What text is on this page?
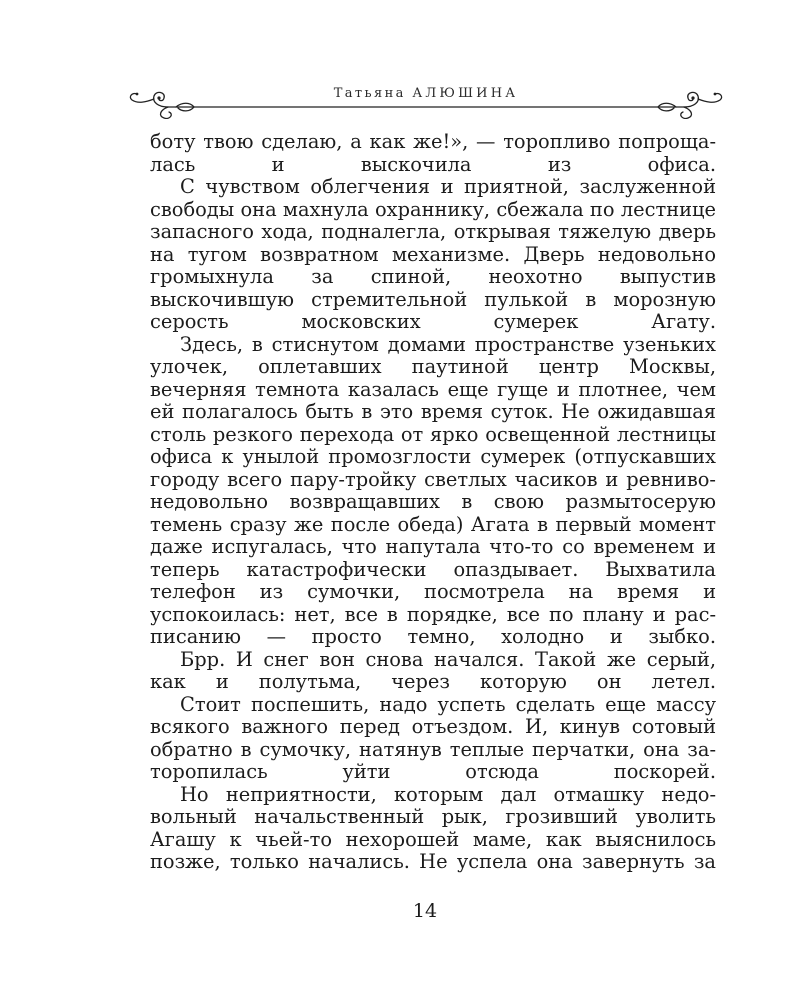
Татьяна АЛЮШИНА

боту твою сделаю, а как же!», — торопливо попрощалась и выскочила из офиса.

С чувством облегчения и приятной, заслуженной свободы она махнула охраннику, сбежала по лестнице запасного хода, подналегла, открывая тяжелую дверь на тугом возвратном механизме. Дверь недовольно громыхнула за спиной, неохотно выпустив выскочившую стремительной пулькой в морозную серость московских сумерек Агату.

Здесь, в стиснутом домами пространстве узеньких улочек, оплетавших паутиной центр Москвы, вечерняя темнота казалась еще гуще и плотнее, чем ей полагалось быть в это время суток. Не ожидавшая столь резкого перехода от ярко освещенной лестницы офиса к унылой промозглости сумерек (отпускавших городу всего пару-тройку светлых часиков и ревниво-недовольно возвращавших в свою размытосерую темень сразу же после обеда) Агата в первый момент даже испугалась, что напутала что-то со временем и теперь катастрофически опаздывает. Выхватила телефон из сумочки, посмотрела на время и успокоилась: нет, все в порядке, все по плану и расписанию — просто темно, холодно и зыбко.

Брр. И снег вон снова начался. Такой же серый, как и полутьма, через которую он летел.

Стоит поспешить, надо успеть сделать еще массу всякого важного перед отъездом. И, кинув сотовый обратно в сумочку, натянув теплые перчатки, она заторопилась уйти отсюда поскорей.

Но неприятности, которым дал отмашку недовольный начальственный рык, грозивший уволить Агашу к чьей-то нехорошей маме, как выяснилось позже, только начались. Не успела она завернуть за

14
